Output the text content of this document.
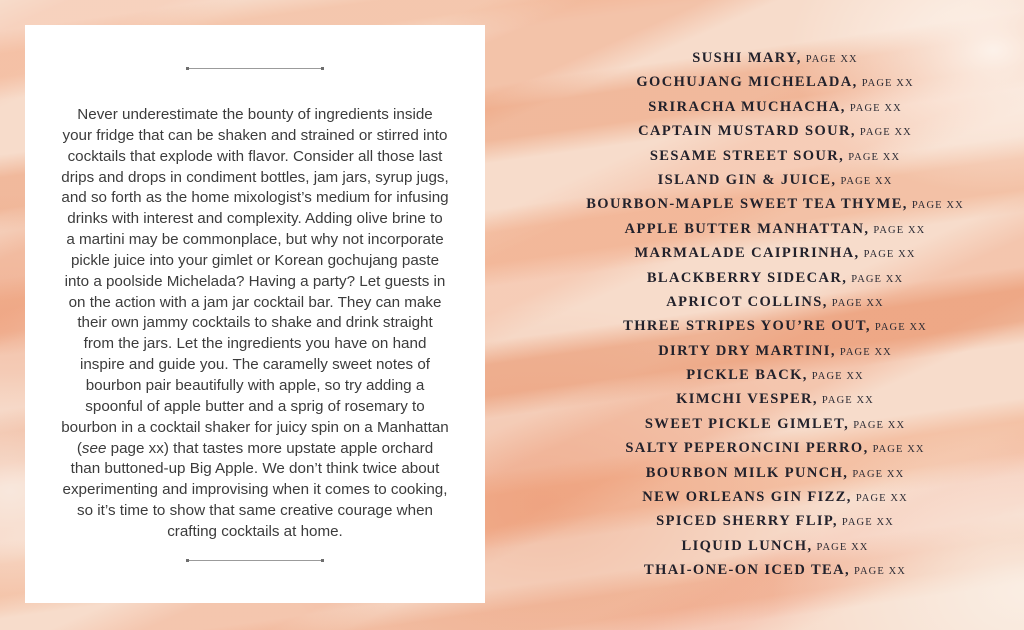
Never underestimate the bounty of ingredients inside your fridge that can be shaken and strained or stirred into cocktails that explode with flavor. Consider all those last drips and drops in condiment bottles, jam jars, syrup jugs, and so forth as the home mixologist’s medium for infusing drinks with interest and complexity. Adding olive brine to a martini may be commonplace, but why not incorporate pickle juice into your gimlet or Korean gochujang paste into a poolside Michelada? Having a party? Let guests in on the action with a jam jar cocktail bar. They can make their own jammy cocktails to shake and drink straight from the jars. Let the ingredients you have on hand inspire and guide you. The caramelly sweet notes of bourbon pair beautifully with apple, so try adding a spoonful of apple butter and a sprig of rosemary to bourbon in a cocktail shaker for juicy spin on a Manhattan (see page xx) that tastes more upstate apple orchard than buttoned-up Big Apple. We don’t think twice about experimenting and improvising when it comes to cooking, so it’s time to show that same creative courage when crafting cocktails at home.

SUSHI MARY, PAGE XX
GOCHUJANG MICHELADA, PAGE XX
SRIRACHA MUCHACHA, PAGE XX
CAPTAIN MUSTARD SOUR, PAGE XX
SESAME STREET SOUR, PAGE XX
ISLAND GIN & JUICE, PAGE XX
BOURBON-MAPLE SWEET TEA THYME, PAGE XX
APPLE BUTTER MANHATTAN, PAGE XX
MARMALADE CAIPIRINHA, PAGE XX
BLACKBERRY SIDECAR, PAGE XX
APRICOT COLLINS, PAGE XX
THREE STRIPES YOU’RE OUT, PAGE XX
DIRTY DRY MARTINI, PAGE XX
PICKLE BACK, PAGE XX
KIMCHI VESPER, PAGE XX
SWEET PICKLE GIMLET, PAGE XX
SALTY PEPERONCINI PERRO, PAGE XX
BOURBON MILK PUNCH, PAGE XX
NEW ORLEANS GIN FIZZ, PAGE XX
SPICED SHERRY FLIP, PAGE XX
LIQUID LUNCH, PAGE XX
THAI-ONE-ON ICED TEA, PAGE XX
